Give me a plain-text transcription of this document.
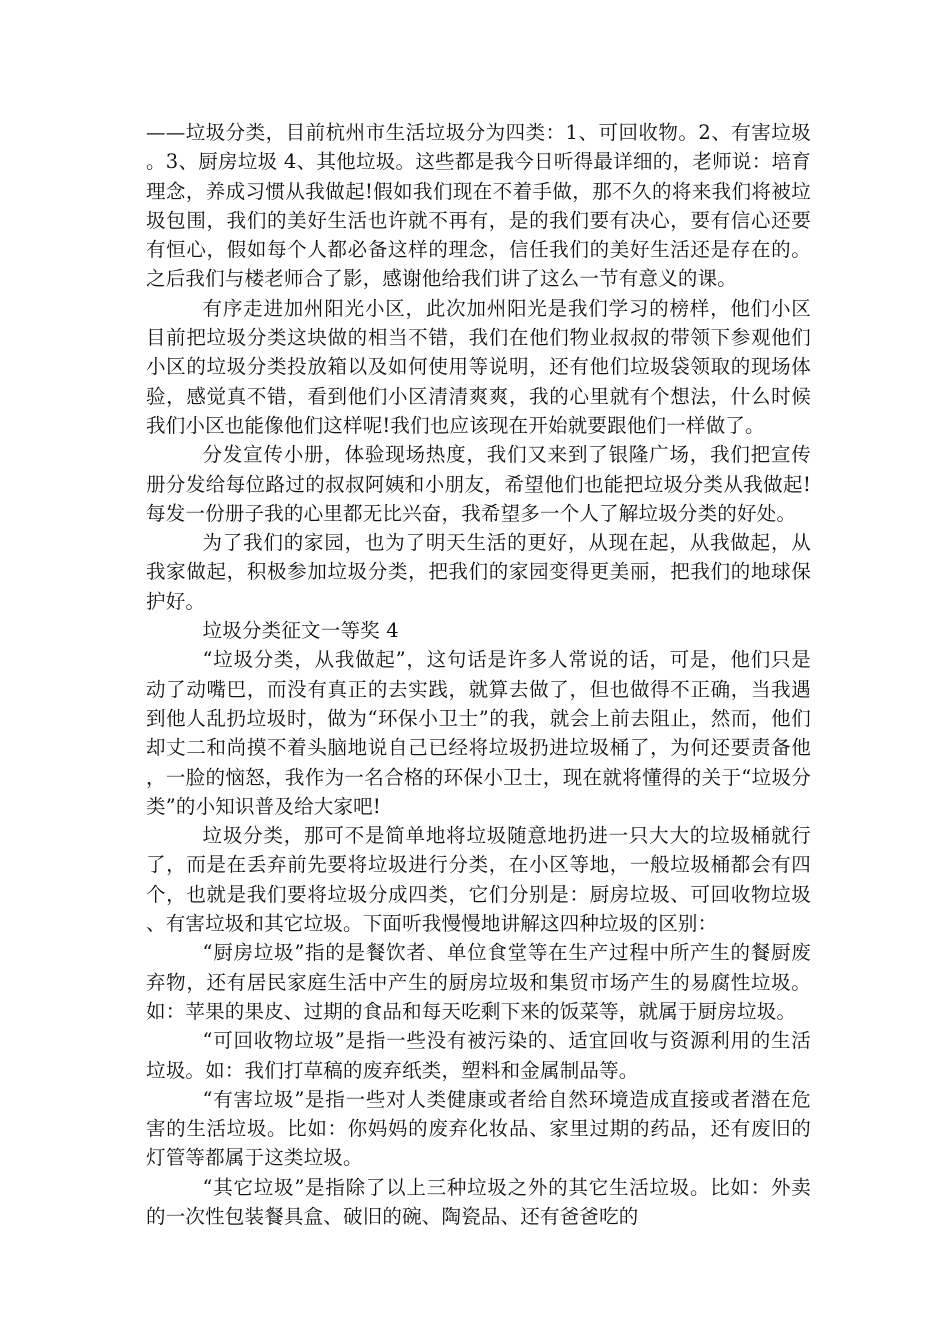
——垃圾分类，目前杭州市生活垃圾分为四类：1、可回收物。2、有害垃圾。3、厨房垃圾 4、其他垃圾。这些都是我今日听得最详细的，老师说：培育理念，养成习惯从我做起!假如我们现在不着手做，那不久的将来我们将被垃圾包围，我们的美好生活也许就不再有，是的我们要有决心，要有信心还要有恒心，假如每个人都必备这样的理念，信任我们的美好生活还是存在的。之后我们与楼老师合了影，感谢他给我们讲了这么一节有意义的课。

有序走进加州阳光小区，此次加州阳光是我们学习的榜样，他们小区目前把垃圾分类这块做的相当不错，我们在他们物业叔叔的带领下参观他们小区的垃圾分类投放箱以及如何使用等说明，还有他们垃圾袋领取的现场体验，感觉真不错，看到他们小区清清爽爽，我的心里就有个想法，什么时候我们小区也能像他们这样呢!我们也应该现在开始就要跟他们一样做了。

分发宣传小册，体验现场热度，我们又来到了银隆广场，我们把宣传册分发给每位路过的叔叔阿姨和小朋友，希望他们也能把垃圾分类从我做起!每发一份册子我的心里都无比兴奋，我希望多一个人了解垃圾分类的好处。

为了我们的家园，也为了明天生活的更好，从现在起，从我做起，从我家做起，积极参加垃圾分类，把我们的家园变得更美丽，把我们的地球保护好。

垃圾分类征文一等奖 4

“垃圾分类，从我做起”，这句话是许多人常说的话，可是，他们只是动了动嘴巴，而没有真正的去实践，就算去做了，但也做得不正确，当我遇到他人乱扔垃圾时，做为“环保小卫士”的我，就会上前去阻止，然而，他们却丈二和尚摸不着头脑地说自己已经将垃圾扔进垃圾桶了，为何还要责备他，一脸的恼怒，我作为一名合格的环保小卫士，现在就将懂得的关于“垃圾分类”的小知识普及给大家吧!

垃圾分类，那可不是简单地将垃圾随意地扔进一只大大的垃圾桶就行了，而是在丢弃前先要将垃圾进行分类，在小区等地，一般垃圾桶都会有四个，也就是我们要将垃圾分成四类，它们分别是：厨房垃圾、可回收物垃圾、有害垃圾和其它垃圾。下面听我慢慢地讲解这四种垃圾的区别：

“厨房垃圾”指的是餐饮者、单位食堂等在生产过程中所产生的餐厨废弃物，还有居民家庭生活中产生的厨房垃圾和集贸市场产生的易腐性垃圾。如：苹果的果皮、过期的食品和每天吃剩下来的饭菜等，就属于厨房垃圾。

“可回收物垃圾”是指一些没有被污染的、适宜回收与资源利用的生活垃圾。如：我们打草稿的废弃纸类，塑料和金属制品等。

“有害垃圾”是指一些对人类健康或者给自然环境造成直接或者潜在危害的生活垃圾。比如：你妈妈的废弃化妆品、家里过期的药品，还有废旧的灯管等都属于这类垃圾。

“其它垃圾”是指除了以上三种垃圾之外的其它生活垃圾。比如：外卖的一次性包装餐具盒、破旧的碗、陶瓷品、还有爸爸吃的
